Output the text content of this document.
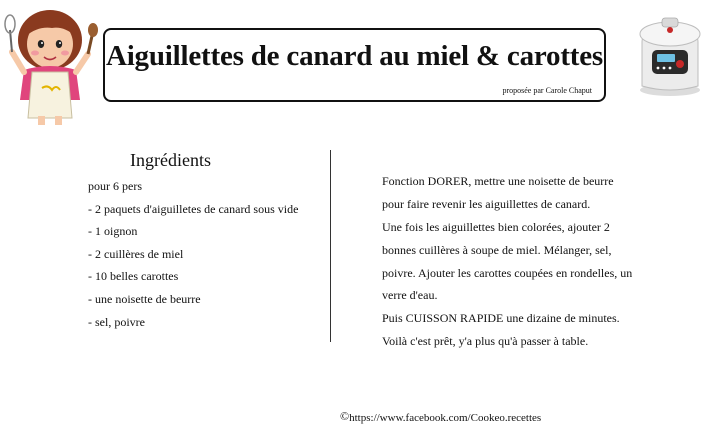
Aiguillettes de canard au miel & carottes
proposée par Carole Chaput
Ingrédients
pour 6 pers
- 2 paquets d'aiguilletes de canard sous vide
- 1 oignon
- 2 cuillères de miel
- 10 belles carottes
- une noisette de beurre
- sel, poivre
Fonction DORER, mettre une noisette de beurre
pour faire revenir les aiguillettes de canard.
Une fois les aiguillettes bien colorées, ajouter 2
bonnes cuillères à soupe de miel. Mélanger, sel,
poivre. Ajouter les carottes coupées en rondelles, un
verre d'eau.
Puis CUISSON RAPIDE une dizaine de minutes.
Voilà c'est prêt, y'a plus qu'à passer à table.
©https://www.facebook.com/Cookeo.recettes
